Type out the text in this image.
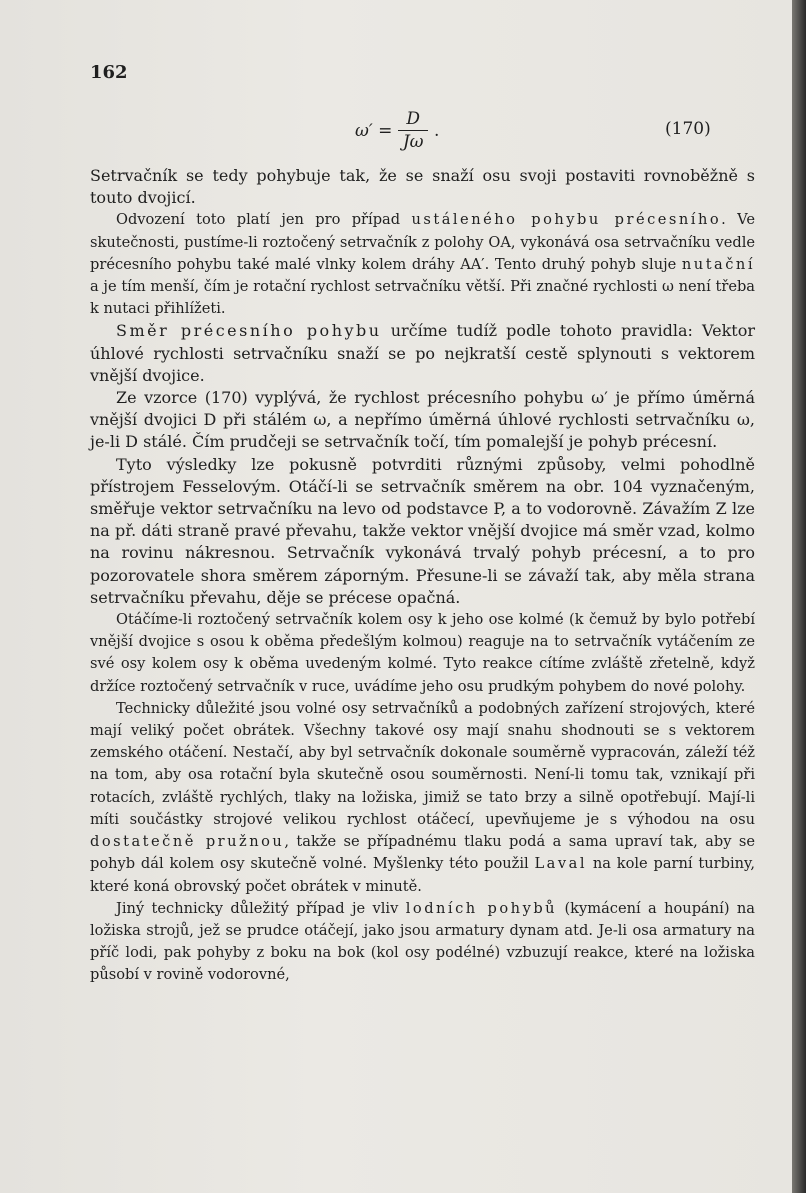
162
$\omega' = \frac{D}{J\omega}$ .	(170)

Setrvačník se tedy pohybuje tak, že se snaží osu svoji postaviti rovnoběžně s touto dvojicí.

Odvození toto platí jen pro případ ustáleného pohybu précesního. Ve skutečnosti, pustíme-li roztočený setrvačník z polohy OA, vykonává osa setrvačníku vedle précesního pohybu také malé vlnky kolem dráhy AA′. Tento druhý pohyb sluje nutační a je tím menší, čím je rotační rychlost setrvačníku větší. Při značné rychlosti ω není třeba k nutaci přihlížeti.

Směr précesního pohybu určíme tudíž podle tohoto pravidla: Vektor úhlové rychlosti setrvačníku snaží se po nejkratší cestě splynouti s vektorem vnější dvojice.

Ze vzorce (170) vyplývá, že rychlost précesního pohybu ω′ je přímo úměrná vnější dvojici D při stálém ω, a nepřímo úměrná úhlové rychlosti setrvačníku ω, je-li D stálé. Čím prudčeji se setrvačník točí, tím pomalejší je pohyb précesní.

Tyto výsledky lze pokusně potvrditi různými způsoby, velmi pohodlně přístrojem Fesselovým. Otáčí-li se setrvačník směrem na obr. 104 vyznačeným, směřuje vektor setrvačníku na levo od podstavce P, a to vodorovně. Závažím Z lze na př. dáti straně pravé převahu, takže vektor vnější dvojice má směr vzad, kolmo na rovinu nákresnou. Setrvačník vykonává trvalý pohyb précesní, a to pro pozorovatele shora směrem záporným. Přesune-li se závaží tak, aby měla strana setrvačníku převahu, děje se précese opačná.

Otáčíme-li roztočený setrvačník kolem osy k jeho ose kolmé (k čemuž by bylo potřebí vnější dvojice s osou k oběma předešlým kolmou) reaguje na to setrvačník vytáčením ze své osy kolem osy k oběma uvedeným kolmé. Tyto reakce cítíme zvláště zřetelně, když držíce roztočený setrvačník v ruce, uvádíme jeho osu prudkým pohybem do nové polohy.

Technicky důležité jsou volné osy setrvačníků a podobných zařízení strojových, které mají veliký počet obrátek. Všechny takové osy mají snahu shodnouti se s vektorem zemského otáčení. Nestačí, aby byl setrvačník dokonale souměrně vypracován, záleží též na tom, aby osa rotační byla skutečně osou souměrnosti. Není-li tomu tak, vznikají při rotacích, zvláště rychlých, tlaky na ložiska, jimiž se tato brzy a silně opotřebují. Mají-li míti součástky strojové velikou rychlost otáčecí, upevňujeme je s výhodou na osu dostatečně pružnou, takže se případnému tlaku podá a sama upraví tak, aby se pohyb dál kolem osy skutečně volné. Myšlenky této použil Laval na kole parní turbiny, které koná obrovský počet obrátek v minutě.

Jiný technicky důležitý případ je vliv lodních pohybů (kymácení a houpání) na ložiska strojů, jež se prudce otáčejí, jako jsou armatury dynam atd. Je-li osa armatury na příč lodi, pak pohyby z boku na bok (kol osy podélné) vzbuzují reakce, které na ložiska působí v rovině vodorovné,
